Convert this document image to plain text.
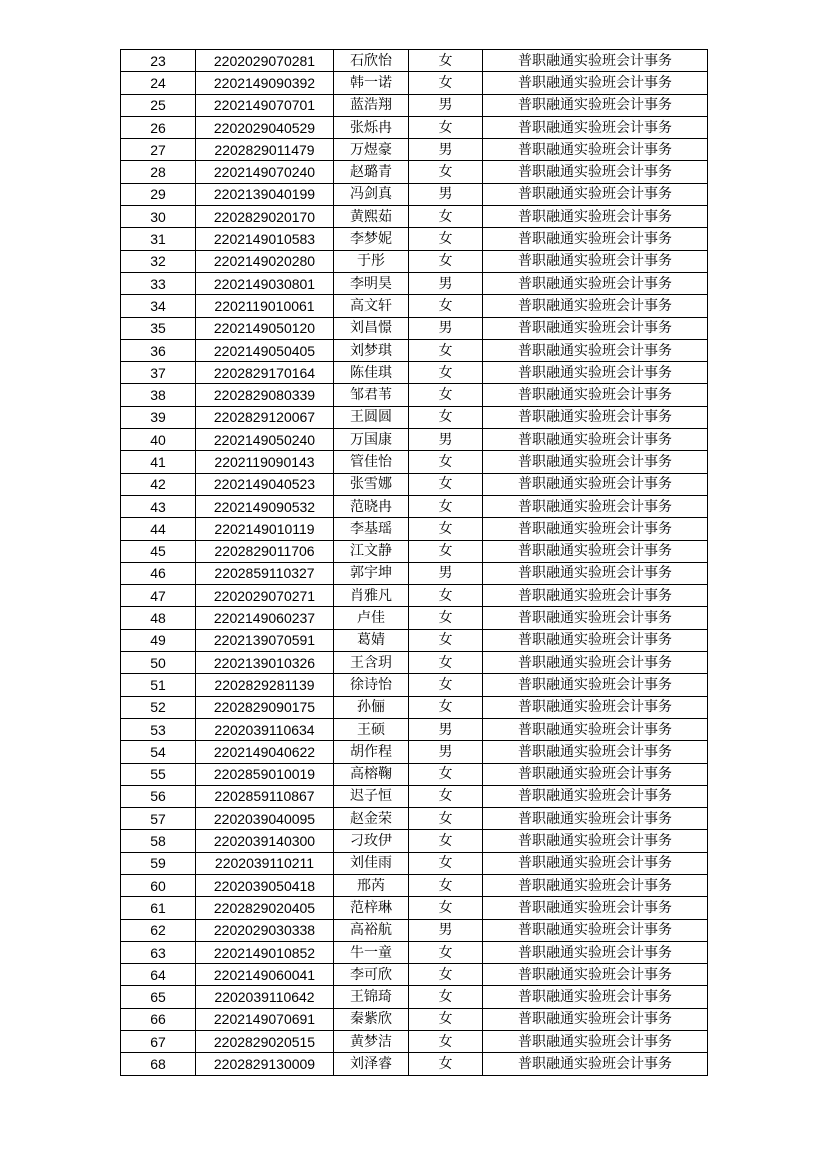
23	2202029070281	石欣怡	女	普职融通实验班会计事务
24	2202149090392	韩一诺	女	普职融通实验班会计事务
25	2202149070701	蓝浩翔	男	普职融通实验班会计事务
26	2202029040529	张烁冉	女	普职融通实验班会计事务
27	2202829011479	万煜豪	男	普职融通实验班会计事务
28	2202149070240	赵璐青	女	普职融通实验班会计事务
29	2202139040199	冯剑真	男	普职融通实验班会计事务
30	2202829020170	黄熙茹	女	普职融通实验班会计事务
31	2202149010583	李梦妮	女	普职融通实验班会计事务
32	2202149020280	于彤	女	普职融通实验班会计事务
33	2202149030801	李明昊	男	普职融通实验班会计事务
34	2202119010061	高文轩	女	普职融通实验班会计事务
35	2202149050120	刘昌憬	男	普职融通实验班会计事务
36	2202149050405	刘梦琪	女	普职融通实验班会计事务
37	2202829170164	陈佳琪	女	普职融通实验班会计事务
38	2202829080339	邹君苇	女	普职融通实验班会计事务
39	2202829120067	王圆圆	女	普职融通实验班会计事务
40	2202149050240	万国康	男	普职融通实验班会计事务
41	2202119090143	管佳怡	女	普职融通实验班会计事务
42	2202149040523	张雪娜	女	普职融通实验班会计事务
43	2202149090532	范晓冉	女	普职融通实验班会计事务
44	2202149010119	李基瑶	女	普职融通实验班会计事务
45	2202829011706	江文静	女	普职融通实验班会计事务
46	2202859110327	郭宇坤	男	普职融通实验班会计事务
47	2202029070271	肖雅凡	女	普职融通实验班会计事务
48	2202149060237	卢佳	女	普职融通实验班会计事务
49	2202139070591	葛婧	女	普职融通实验班会计事务
50	2202139010326	王含玥	女	普职融通实验班会计事务
51	2202829281139	徐诗怡	女	普职融通实验班会计事务
52	2202829090175	孙俪	女	普职融通实验班会计事务
53	2202039110634	王硕	男	普职融通实验班会计事务
54	2202149040622	胡作程	男	普职融通实验班会计事务
55	2202859010019	高榕鞠	女	普职融通实验班会计事务
56	2202859110867	迟子恒	女	普职融通实验班会计事务
57	2202039040095	赵金荣	女	普职融通实验班会计事务
58	2202039140300	刁玫伊	女	普职融通实验班会计事务
59	2202039110211	刘佳雨	女	普职融通实验班会计事务
60	2202039050418	邢芮	女	普职融通实验班会计事务
61	2202829020405	范梓琳	女	普职融通实验班会计事务
62	2202029030338	高裕航	男	普职融通实验班会计事务
63	2202149010852	牛一童	女	普职融通实验班会计事务
64	2202149060041	李可欣	女	普职融通实验班会计事务
65	2202039110642	王锦琦	女	普职融通实验班会计事务
66	2202149070691	秦紫欣	女	普职融通实验班会计事务
67	2202829020515	黄梦洁	女	普职融通实验班会计事务
68	2202829130009	刘泽睿	女	普职融通实验班会计事务
